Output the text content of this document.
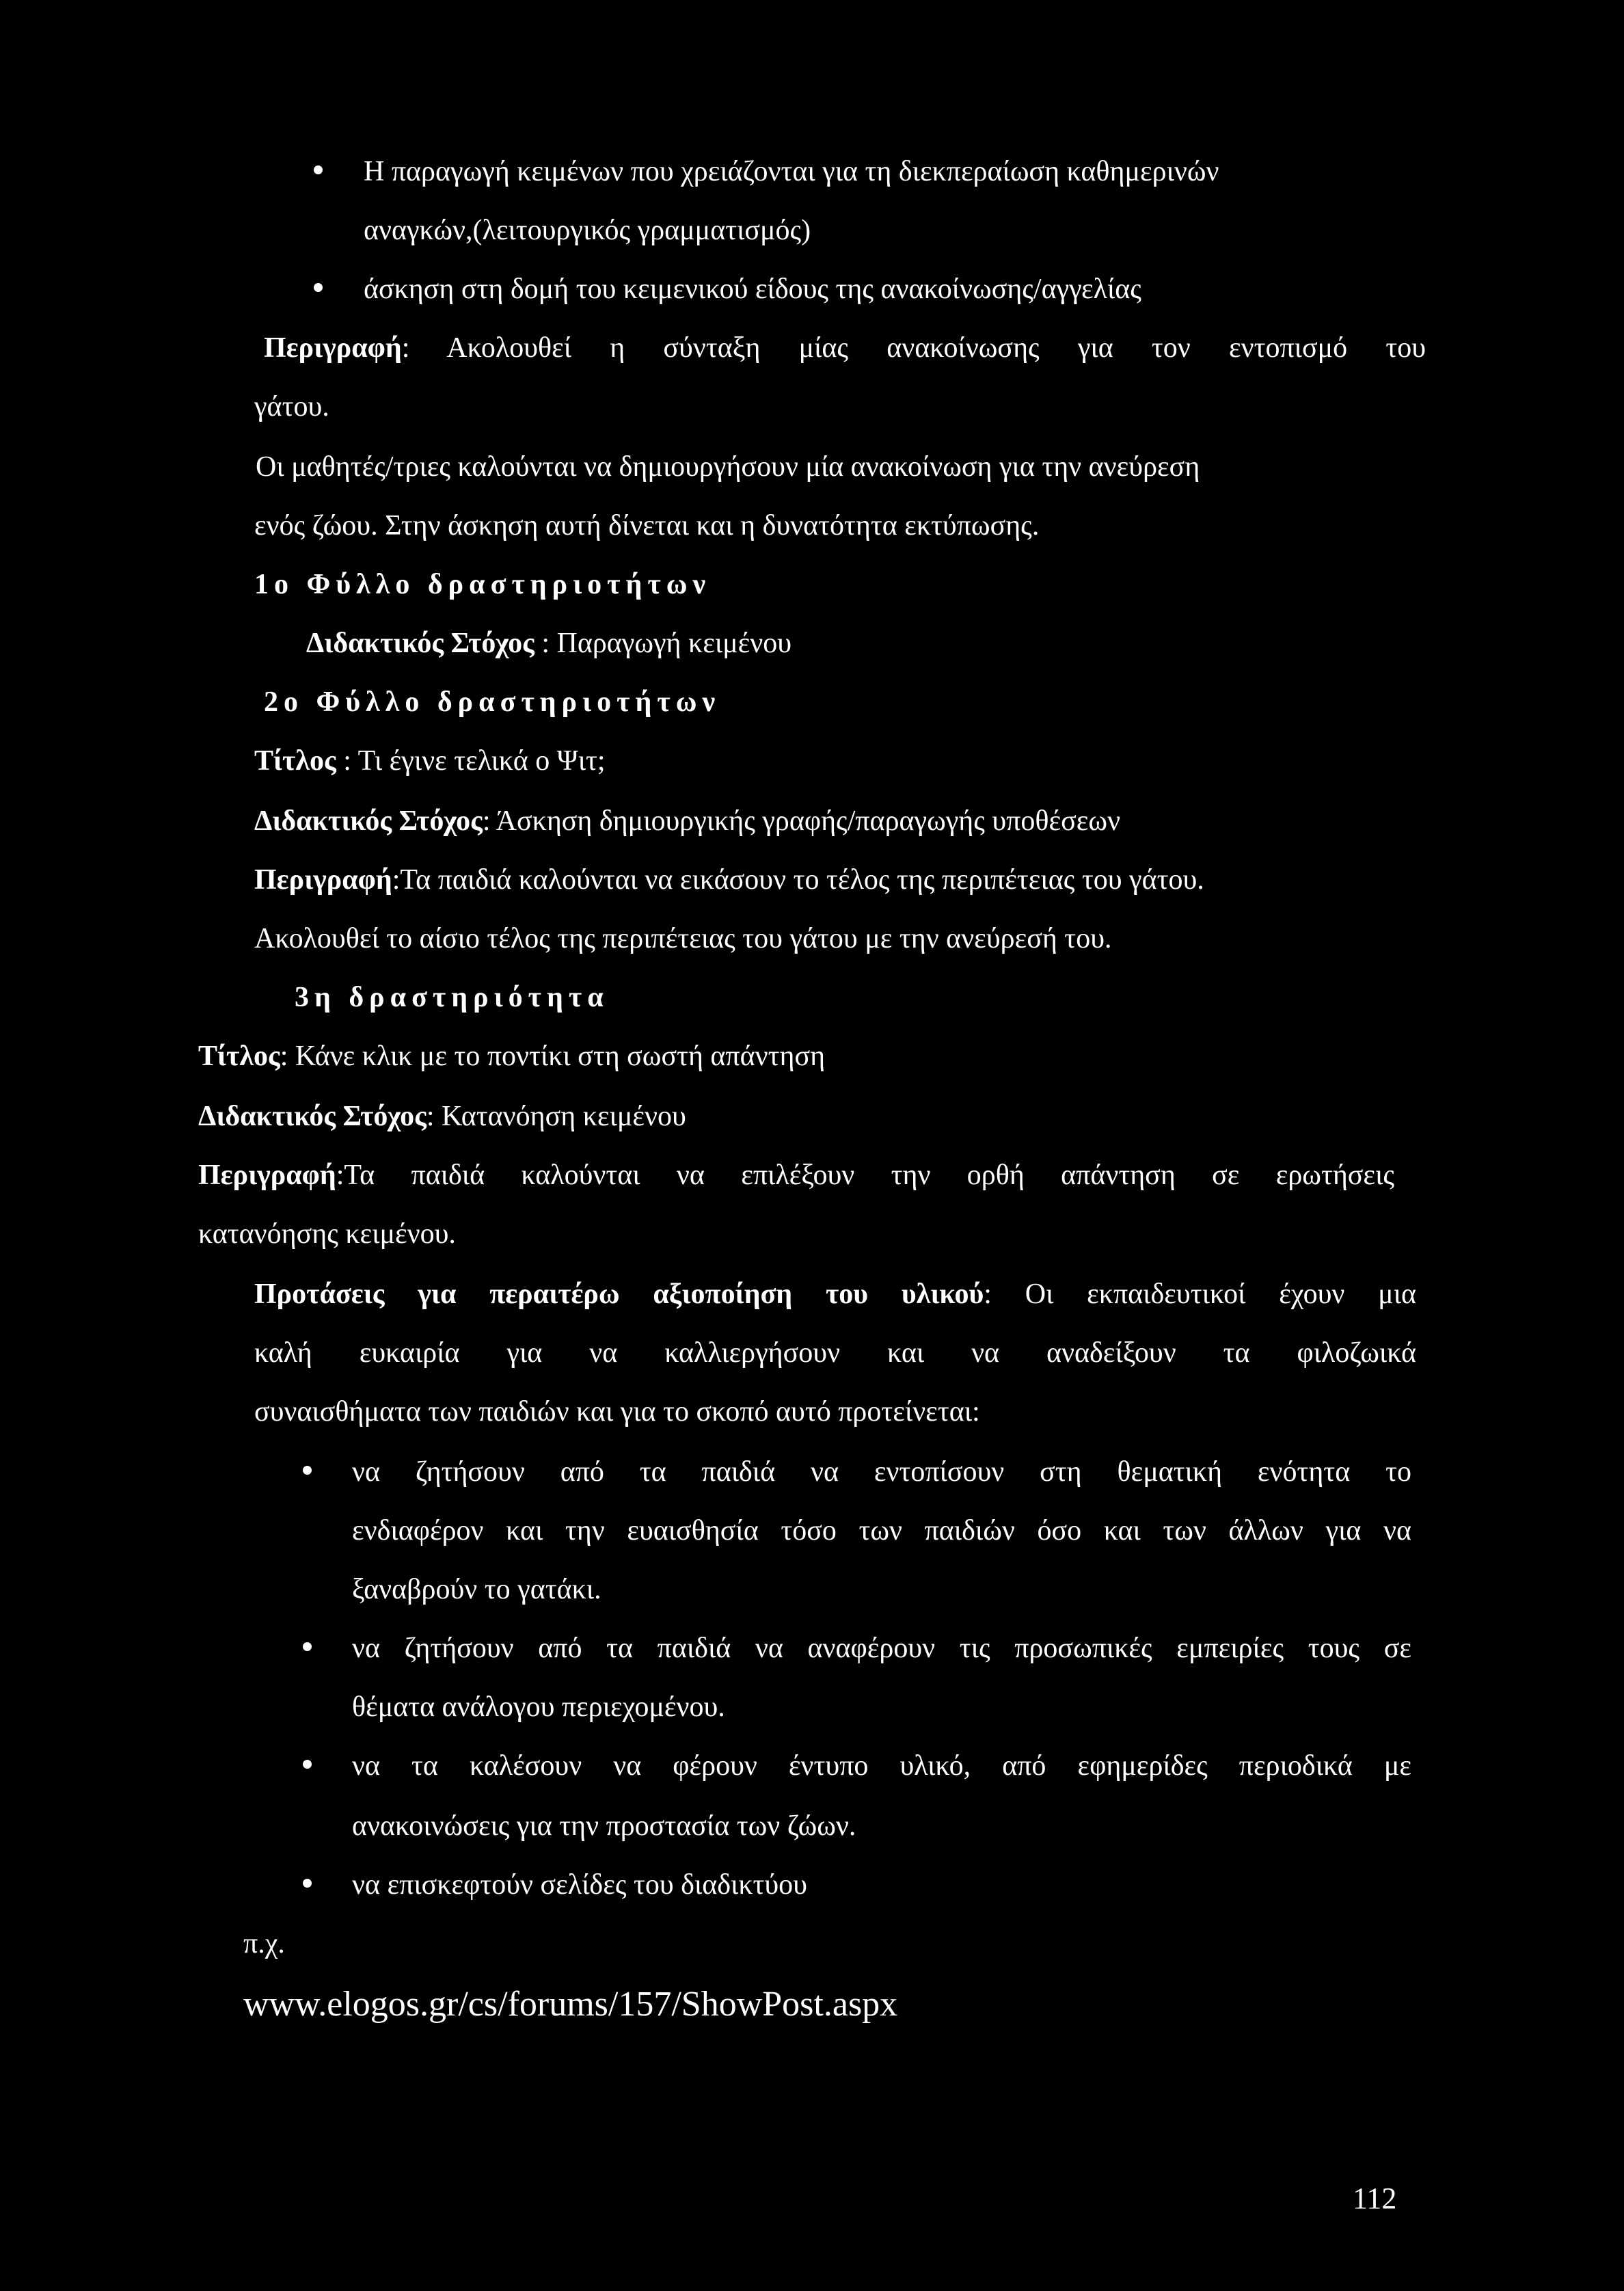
Η παραγωγή κειμένων που χρειάζονται για τη διεκπεραίωση καθημερινών
αναγκών,(λειτουργικός γραμματισμός)
άσκηση στη δομή του κειμενικού είδους της ανακοίνωσης/αγγελίας
Περιγραφή: Ακολουθεί η σύνταξη μίας ανακοίνωσης για τον εντοπισμό του
γάτου.
Οι μαθητές/τριες καλούνται να δημιουργήσουν μία ανακοίνωση για την ανεύρεση
ενός ζώου. Στην άσκηση αυτή δίνεται και η δυνατότητα εκτύπωσης.
1ο Φύλλο δραστηριοτήτων
Διδακτικός Στόχος : Παραγωγή κειμένου
2ο Φύλλο δραστηριοτήτων
Τίτλος : Τι έγινε τελικά ο Ψιτ;
Διδακτικός Στόχος: Άσκηση δημιουργικής γραφής/παραγωγής υποθέσεων
Περιγραφή:Τα παιδιά καλούνται να εικάσουν το τέλος της περιπέτειας του γάτου.
Ακολουθεί το αίσιο τέλος της περιπέτειας του γάτου με την ανεύρεσή του.
3η δραστηριότητα
Τίτλος: Κάνε κλικ με το ποντίκι στη σωστή απάντηση
Διδακτικός Στόχος: Κατανόηση κειμένου
Περιγραφή:Τα παιδιά καλούνται να επιλέξουν την ορθή απάντηση σε ερωτήσεις
κατανόησης κειμένου.
Προτάσεις για περαιτέρω αξιοποίηση του υλικού: Οι εκπαιδευτικοί έχουν μια
καλή ευκαιρία για να καλλιεργήσουν και να αναδείξουν τα φιλοζωικά
συναισθήματα των παιδιών και για το σκοπό αυτό προτείνεται:
να ζητήσουν από τα παιδιά να εντοπίσουν στη θεματική ενότητα το
ενδιαφέρον και την ευαισθησία τόσο των παιδιών όσο και των άλλων για να
ξαναβρούν το γατάκι.
να ζητήσουν από τα παιδιά να αναφέρουν τις προσωπικές εμπειρίες τους σε
θέματα ανάλογου περιεχομένου.
να τα καλέσουν να φέρουν έντυπο υλικό, από εφημερίδες περιοδικά με
ανακοινώσεις για την προστασία των ζώων.
να επισκεφτούν σελίδες του διαδικτύου
π.χ.
www.elogos.gr/cs/forums/157/ShowPost.aspx
112
